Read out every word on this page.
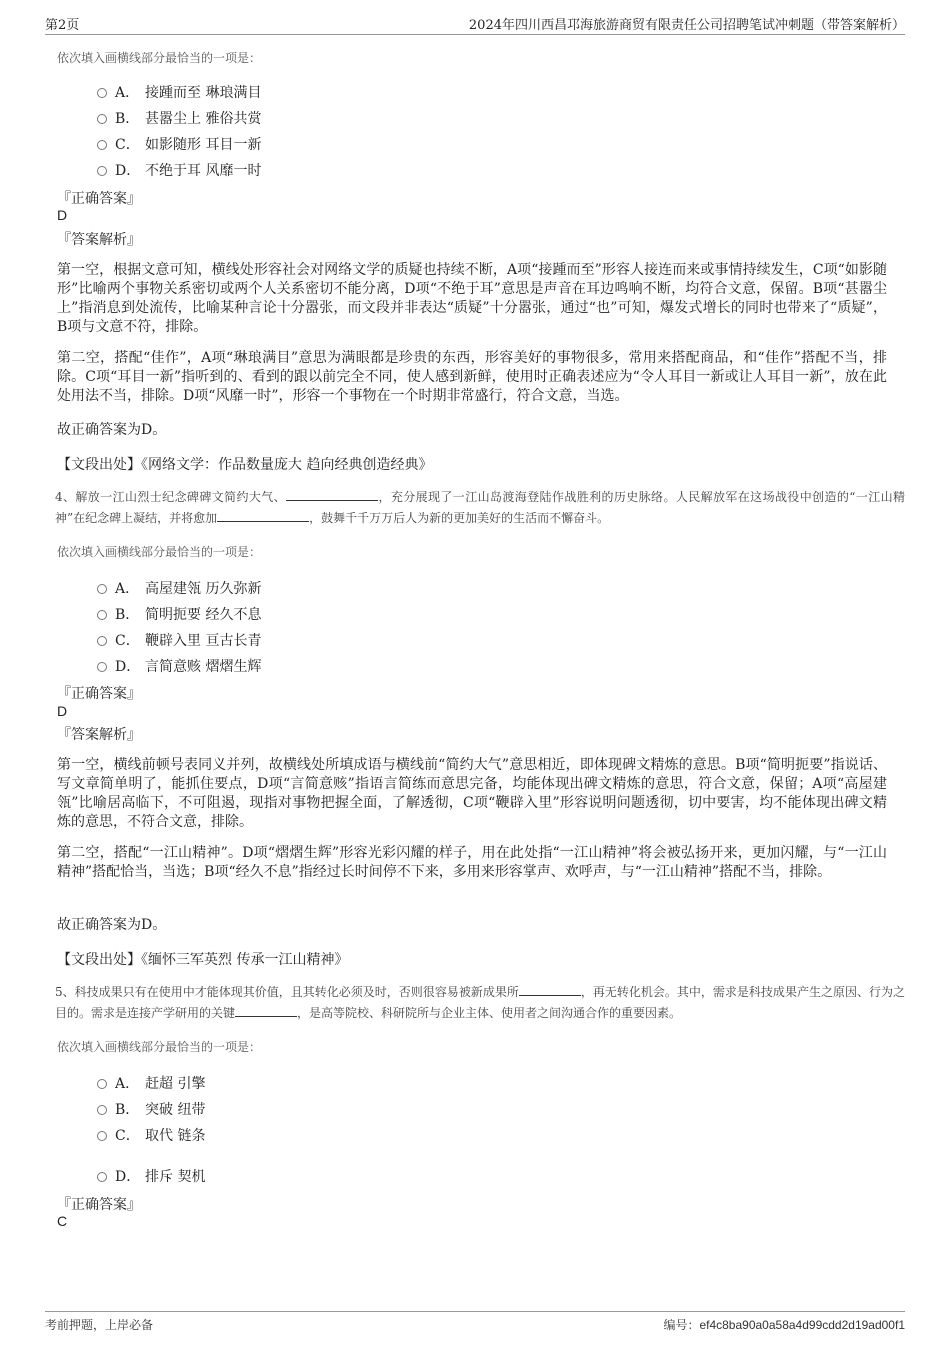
第2页	2024年四川西昌邛海旅游商贸有限责任公司招聘笔试冲刺题（带答案解析）
依次填入画横线部分最恰当的一项是：
A． 接踵而至 琳琅满目
B． 甚嚣尘上 雅俗共赏
C． 如影随形 耳目一新
D． 不绝于耳 风靡一时
『正确答案』
D
『答案解析』
第一空，根据文意可知，横线处形容社会对网络文学的质疑也持续不断，A项“接踵而至”形容人接连而来或事情持续发生，C项“如影随形”比喻两个事物关系密切或两个人关系密切不能分离，D项“不绝于耳”意思是声音在耳边鸣响不断，均符合文意，保留。B项“甚嚣尘上”指消息到处流传，比喻某种言论十分嚣张，而文段并非表达“质疑”十分嚣张，通过“也”可知，爆发式增长的同时也带来了“质疑”，B项与文意不符，排除。
第二空，搭配“佳作”，A项“琳琅满目”意思为满眼都是珍贵的东西，形容美好的事物很多，常用来搭配商品，和“佳作”搭配不当，排除。C项“耳目一新”指听到的、看到的跟以前完全不同，使人感到新鲜，使用时正确表述应为“令人耳目一新或让人耳目一新”，放在此处用法不当，排除。D项“风靡一时”，形容一个事物在一个时期非常盛行，符合文意，当选。
故正确答案为D。
【文段出处】《网络文学：作品数量庞大 趋向经典创造经典》
4、解放一江山烈士纪念碑碑文简约大气、	，充分展现了一江山岛渡海登陆作战胜利的历史脉络。人民解放军在这场战役中创造的“一江山精神”在纪念碑上凝结，并将愈加	，鼓舞千千万万后人为新的更加美好的生活而不懈奋斗。
依次填入画横线部分最恰当的一项是：
A． 高屋建瓴 历久弥新
B． 简明扼要 经久不息
C． 鞭辟入里 亘古长青
D． 言简意赅 熠熠生辉
『正确答案』
D
『答案解析』
第一空，横线前顿号表同义并列，故横线处所填成语与横线前“简约大气”意思相近，即体现碑文精炼的意思。B项“简明扼要”指说话、写文章简单明了，能抓住要点，D项“言简意赅”指语言简练而意思完备，均能体现出碑文精炼的意思，符合文意，保留；A项“高屋建瓴”比喻居高临下，不可阻遏，现指对事物把握全面，了解透彻，C项“鞭辟入里”形容说明问题透彻，切中要害，均不能体现出碑文精炼的意思，不符合文意，排除。
第二空，搭配“一江山精神”。D项“熠熠生辉”形容光彩闪耀的样子，用在此处指“一江山精神”将会被弘扬开来，更加闪耀，与“一江山精神”搭配恰当，当选；B项“经久不息”指经过长时间停不下来，多用来形容掌声、欢呼声，与“一江山精神”搭配不当，排除。
故正确答案为D。
【文段出处】《缅怀三军英烈 传承一江山精神》
5、科技成果只有在使用中才能体现其价值，且其转化必须及时，否则很容易被新成果所	，再无转化机会。其中，需求是科技成果产生之原因、行为之目的。需求是连接产学研用的关键	，是高等院校、科研院所与企业主体、使用者之间沟通合作的重要因素。
依次填入画横线部分最恰当的一项是：
A． 赶超 引擎
B． 突破 纽带
C． 取代 链条
D． 排斥 契机
『正确答案』
C
考前押题，上岸必备	编号：ef4c8ba90a0a58a4d99cdd2d19ad00f1
